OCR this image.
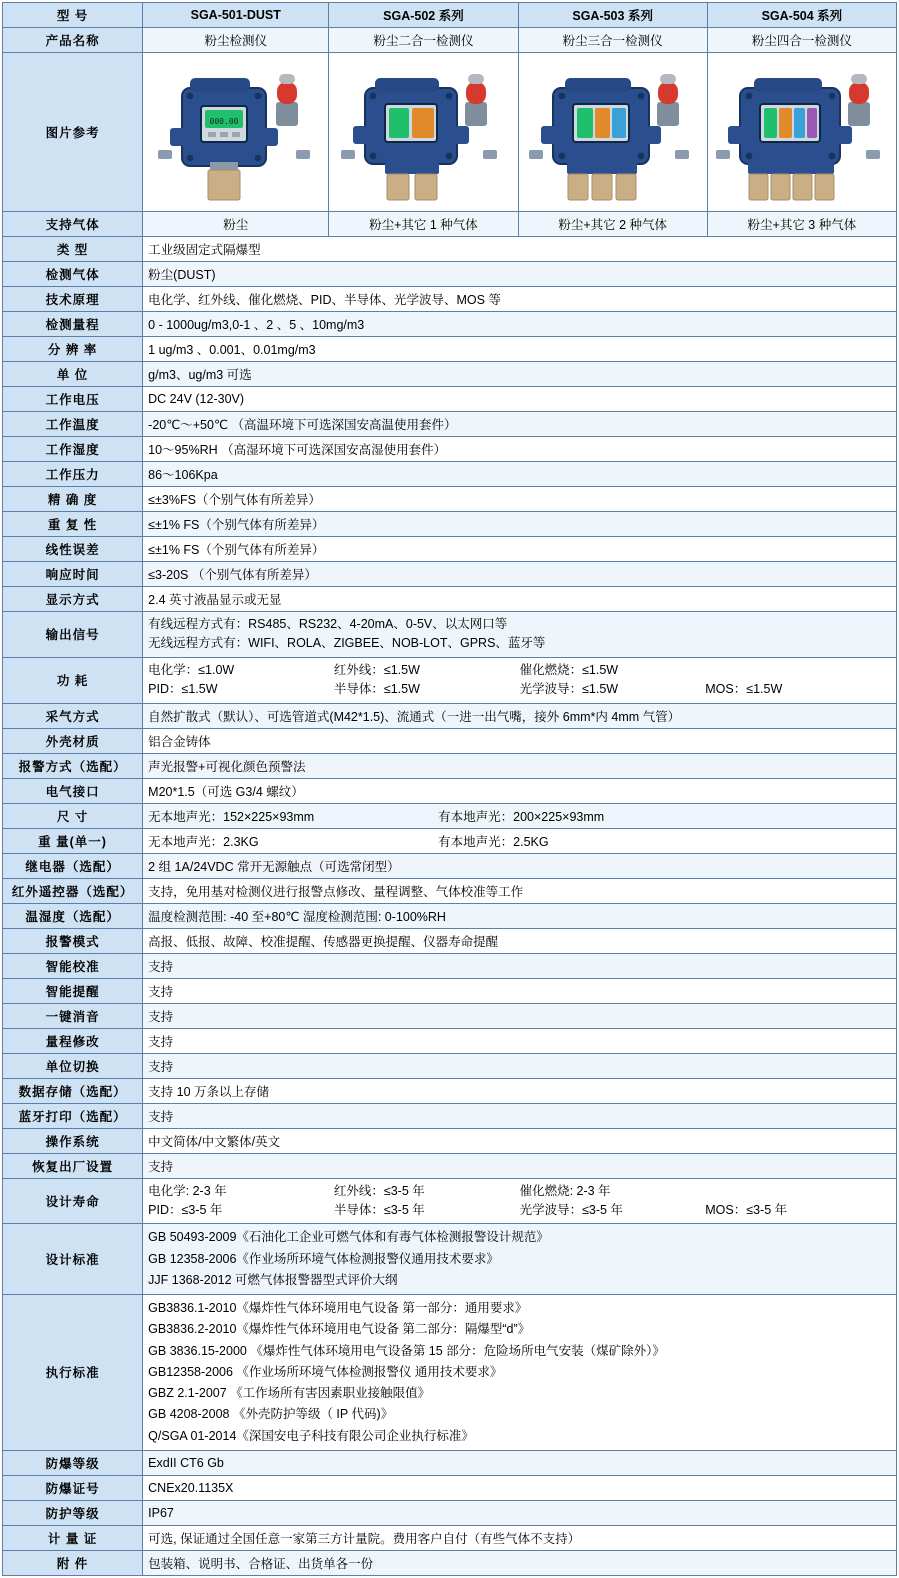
型 号	SGA-501-DUST	SGA-502 系列	SGA-503 系列	SGA-504 系列
产品名称	粉尘检测仪	粉尘二合一检测仪	粉尘三合一检测仪	粉尘四合一检测仪
图片参考	000.00

支持气体	粉尘	粉尘+其它 1 种气体	粉尘+其它 2 种气体	粉尘+其它 3 种气体
类 型	工业级固定式隔爆型			
检测气体	粉尘(DUST)			
技术原理	电化学、红外线、催化燃烧、PID、半导体、光学波导、MOS 等			
检测量程	0 - 1000ug/m3,0-1 、2 、5 、10mg/m3			
分 辨 率	1 ug/m3 、0.001、0.01mg/m3			
单 位	g/m3、ug/m3 可选			
工作电压	DC 24V (12-30V)			
工作温度	-20℃～+50℃ （高温环境下可选深国安高温使用套件）			
工作湿度	10～95%RH （高湿环境下可选深国安高湿使用套件）			
工作压力	86～106Kpa			
精 确 度	≤±3%FS（个别气体有所差异）			
重 复 性	≤±1% FS（个别气体有所差异）			
线性误差	≤±1% FS（个别气体有所差异）			
响应时间	≤3-20S （个别气体有所差异）			
显示方式	2.4 英寸液晶显示或无显			
输出信号	有线远程方式有：RS485、RS232、4-20mA、0-5V、以太网口等
无线远程方式有：WIFI、ROLA、ZIGBEE、NOB-LOT、GPRS、蓝牙等			

功 耗	
电化学：≤1.0W	红外线：≤1.5W	催化燃烧：≤1.5W
PID：≤1.5W	半导体：≤1.5W	光学波导：≤1.5W	MOS：≤1.5W

采气方式	自然扩散式（默认）、可选管道式(M42*1.5)、流通式（一进一出气嘴，接外 6mm*内 4mm 气管）			
外壳材质	铝合金铸体			
报警方式（选配）	声光报警+可视化颜色预警法			
电气接口	M20*1.5（可选 G3/4 螺纹）			
尺 寸	无本地声光：152×225×93mm 有本地声光：200×225×93mm			

重 量(单一)	无本地声光：2.3KG 有本地声光：2.5KG			

继电器（选配）	2 组 1A/24VDC 常开无源触点（可选常闭型）			
红外遥控器（选配）	支持，免用基对检测仪进行报警点修改、量程调整、气体校准等工作			
温湿度（选配）	温度检测范围: -40 至+80℃ 湿度检测范围: 0-100%RH			
报警模式	高报、低报、故障、校准提醒、传感器更换提醒、仪器寿命提醒			
智能校准	支持			
智能提醒	支持			
一键消音	支持			
量程修改	支持			
单位切换	支持			
数据存储（选配）	支持 10 万条以上存储			
蓝牙打印（选配）	支持			
操作系统	中文简体/中文繁体/英文			
恢复出厂设置	支持			
设计寿命	
电化学: 2-3 年	红外线：≤3-5 年	催化燃烧: 2-3 年
PID：≤3-5 年	半导体：≤3-5 年	光学波导：≤3-5 年	MOS：≤3-5 年

设计标准	GB 50493-2009《石油化工企业可燃气体和有毒气体检测报警设计规范》
GB 12358-2006《作业场所环境气体检测报警仪通用技术要求》
JJF 1368-2012 可燃气体报警器型式评价大纲			

执行标准	
GB3836.1-2010《爆炸性气体环境用电气设备 第一部分：通用要求》
GB3836.2-2010《爆炸性气体环境用电气设备 第二部分：隔爆型“d”》
GB 3836.15-2000 《爆炸性气体环境用电气设备第 15 部分：危险场所电气安装（煤矿除外）》
GB12358-2006 《作业场所环境气体检测报警仪 通用技术要求》
GBZ 2.1-2007 《工作场所有害因素职业接触限值》
GB 4208-2008 《外壳防护等级（ IP 代码)》
Q/SGA 01-2014《深国安电子科技有限公司企业执行标准》

防爆等级	ExdII CT6 Gb			
防爆证号	CNEx20.1135X			
防护等级	IP67			
计 量 证	可选, 保证通过全国任意一家第三方计量院。费用客户自付（有些气体不支持）			
附 件	包装箱、说明书、合格证、出货单各一份			
